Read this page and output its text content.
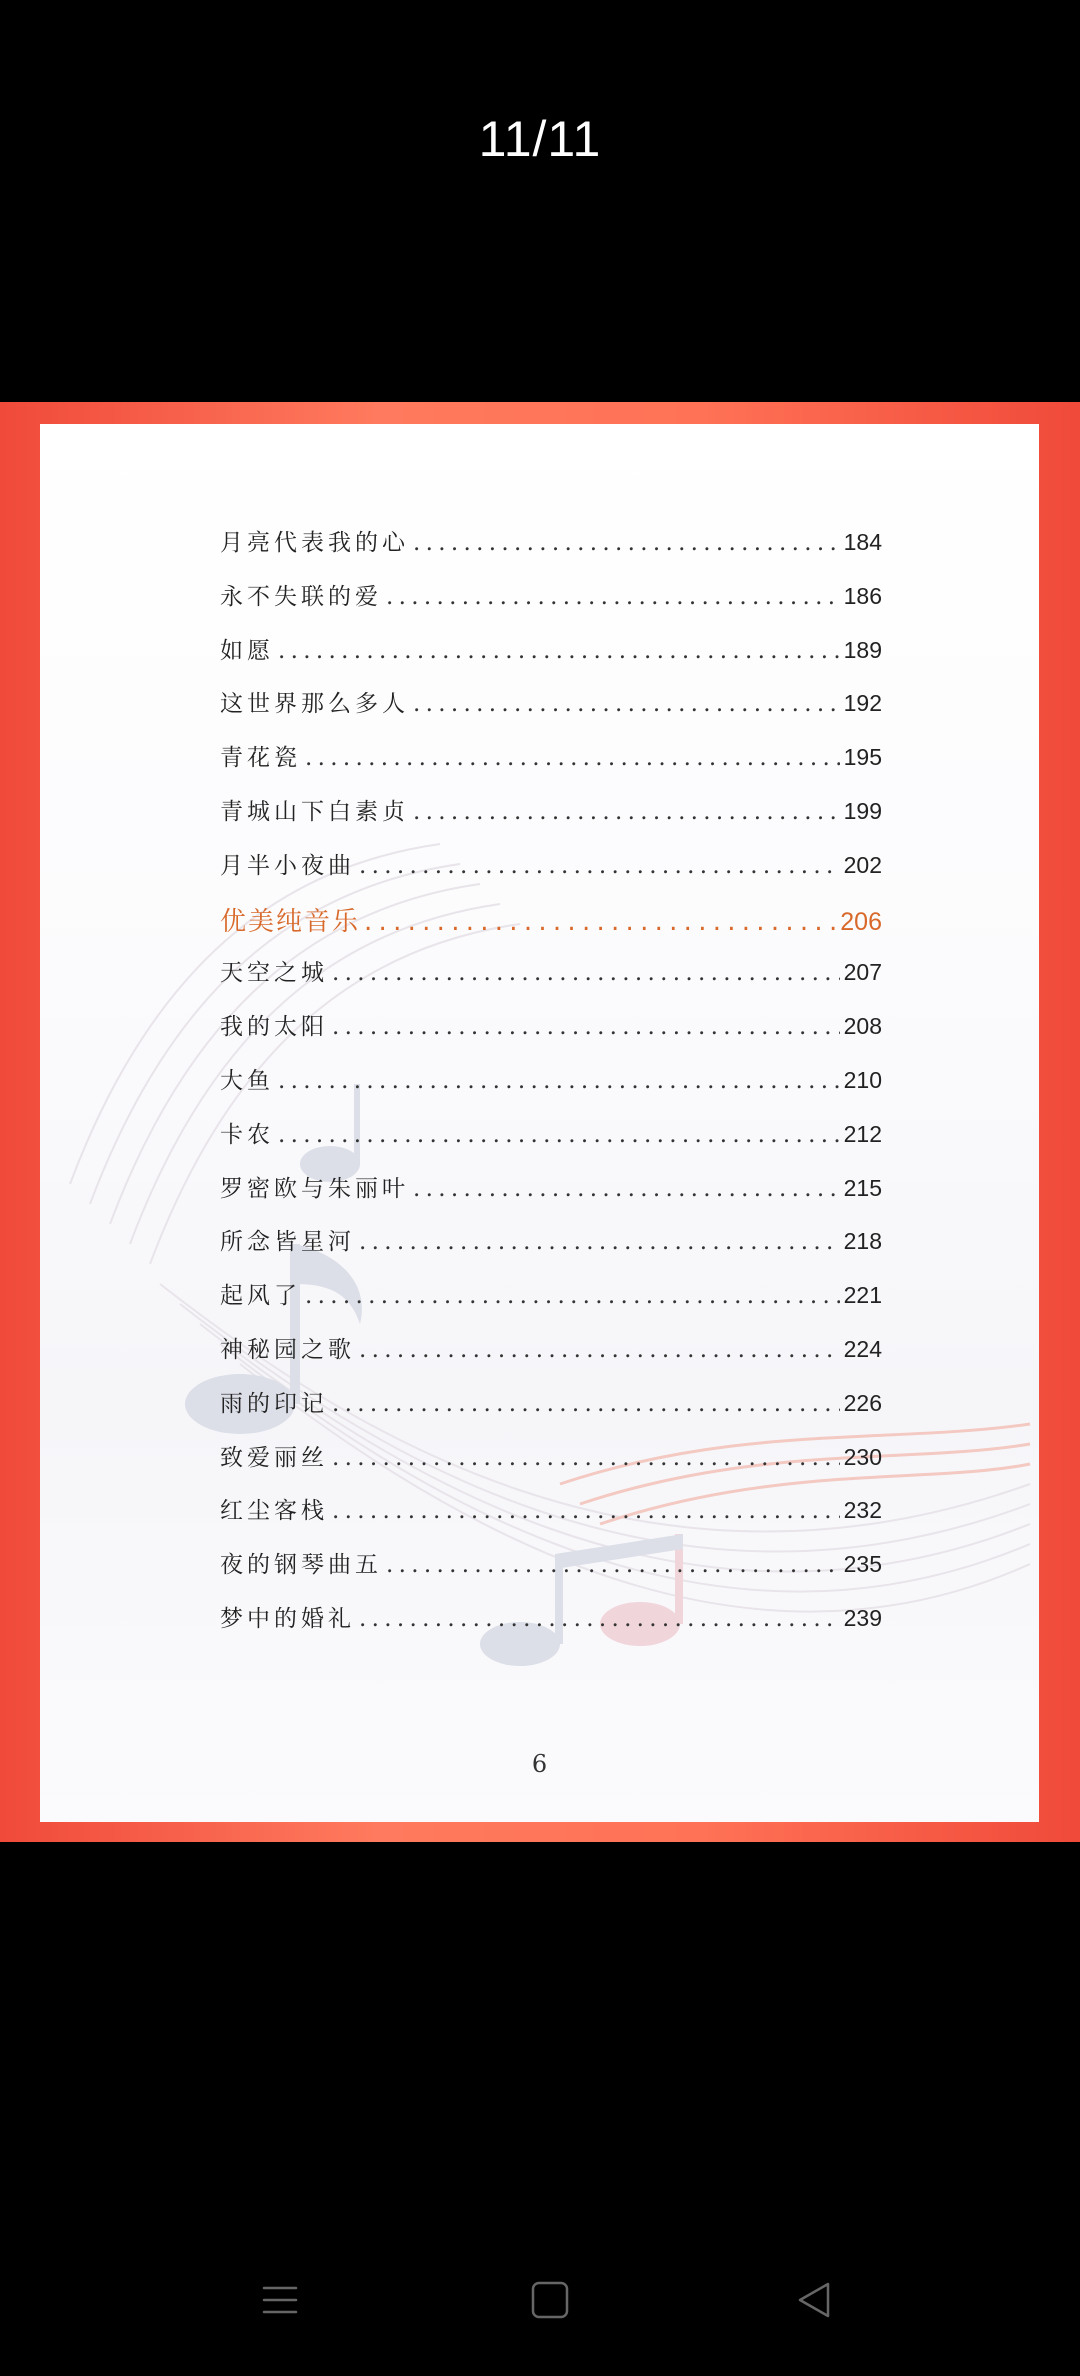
11/11
月亮代表我的心 . . .	184
永不失联的爱 . . .	186
如愿 . . .	189
这世界那么多人 . . .	192
青花瓷 . . .	195
青城山下白素贞 . . .	199
月半小夜曲 . . .	202
优美纯音乐 . . .	206
天空之城 . . .	207
我的太阳 . . .	208
大鱼 . . .	210
卡农 . . .	212
罗密欧与朱丽叶 . . .	215
所念皆星河 . . .	218
起风了 . . .	221
神秘园之歌 . . .	224
雨的印记 . . .	226
致爱丽丝 . . .	230
红尘客栈 . . .	232
夜的钢琴曲五 . . .	235
梦中的婚礼 . . .	239
6
